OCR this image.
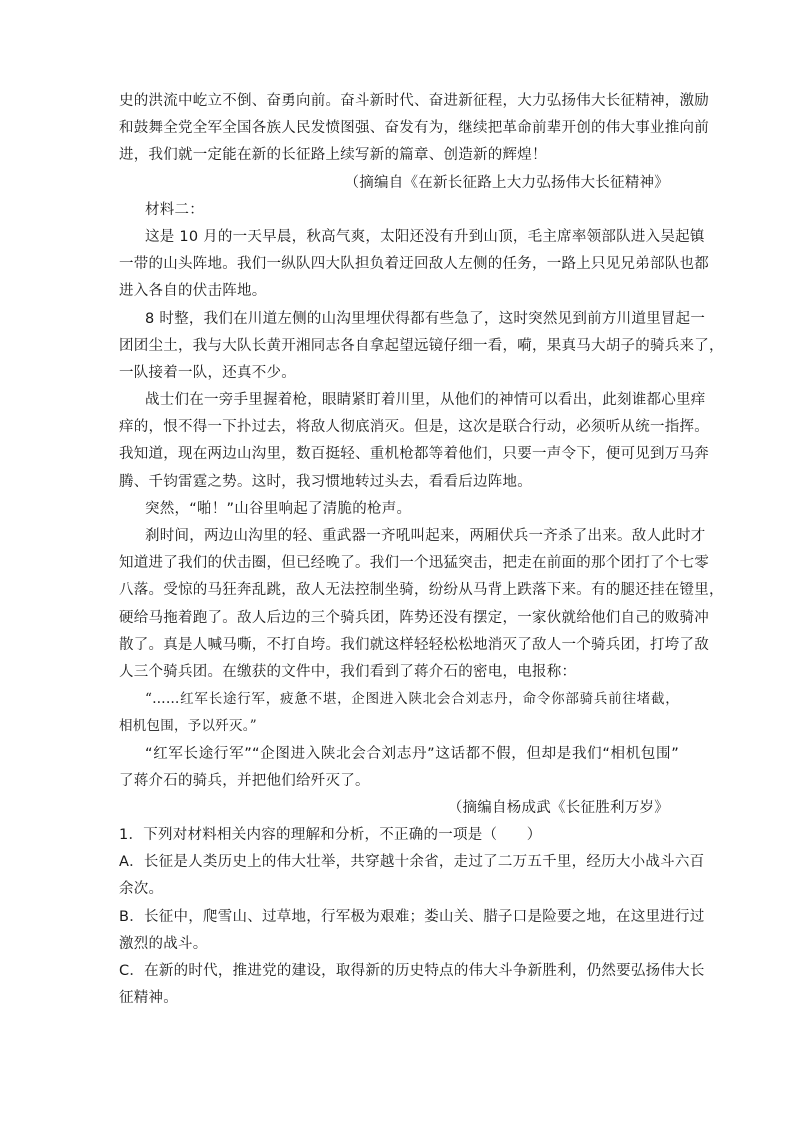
史的洪流中屹立不倒、奋勇向前。奋斗新时代、奋进新征程，大力弘扬伟大长征精神，激励
和鼓舞全党全军全国各族人民发愤图强、奋发有为，继续把革命前辈开创的伟大事业推向前
进，我们就一定能在新的长征路上续写新的篇章、创造新的辉煌！
（摘编自《在新长征路上大力弘扬伟大长征精神》
材料二：
这是 10 月的一天早晨，秋高气爽，太阳还没有升到山顶，毛主席率领部队进入吴起镇
一带的山头阵地。我们一纵队四大队担负着迂回敌人左侧的任务，一路上只见兄弟部队也都
进入各自的伏击阵地。
8 时整，我们在川道左侧的山沟里埋伏得都有些急了，这时突然见到前方川道里冒起一
团团尘土，我与大队长黄开湘同志各自拿起望远镜仔细一看，嗬，果真马大胡子的骑兵来了，
一队接着一队，还真不少。
战士们在一旁手里握着枪，眼睛紧盯着川里，从他们的神情可以看出，此刻谁都心里痒
痒的，恨不得一下扑过去，将敌人彻底消灭。但是，这次是联合行动，必须听从统一指挥。
我知道，现在两边山沟里，数百挺轻、重机枪都等着他们，只要一声令下，便可见到万马奔
腾、千钧雷霆之势。这时，我习惯地转过头去，看看后边阵地。
突然，“啪！”山谷里响起了清脆的枪声。
刹时间，两边山沟里的轻、重武器一齐吼叫起来，两厢伏兵一齐杀了出来。敌人此时才
知道进了我们的伏击圈，但已经晚了。我们一个迅猛突击，把走在前面的那个团打了个七零
八落。受惊的马狂奔乱跳，敌人无法控制坐骑，纷纷从马背上跌落下来。有的腿还挂在镫里，
硬给马拖着跑了。敌人后边的三个骑兵团，阵势还没有摆定，一家伙就给他们自己的败骑冲
散了。真是人喊马嘶，不打自垮。我们就这样轻轻松松地消灭了敌人一个骑兵团，打垮了敌
人三个骑兵团。在缴获的文件中，我们看到了蒋介石的密电，电报称：
“……红军长途行军，疲惫不堪，企图进入陕北会合刘志丹，命令你部骑兵前往堵截，
相机包围，予以歼灭。”
“红军长途行军”“企图进入陕北会合刘志丹”这话都不假，但却是我们“相机包围”
了蒋介石的骑兵，并把他们给歼灭了。
（摘编自杨成武《长征胜利万岁》
1．下列对材料相关内容的理解和分析，不正确的一项是（　　）
A．长征是人类历史上的伟大壮举，共穿越十余省，走过了二万五千里，经历大小战斗六百
余次。
B．长征中，爬雪山、过草地，行军极为艰难；娄山关、腊子口是险要之地，在这里进行过
激烈的战斗。
C．在新的时代，推进党的建设，取得新的历史特点的伟大斗争新胜利，仍然要弘扬伟大长
征精神。
